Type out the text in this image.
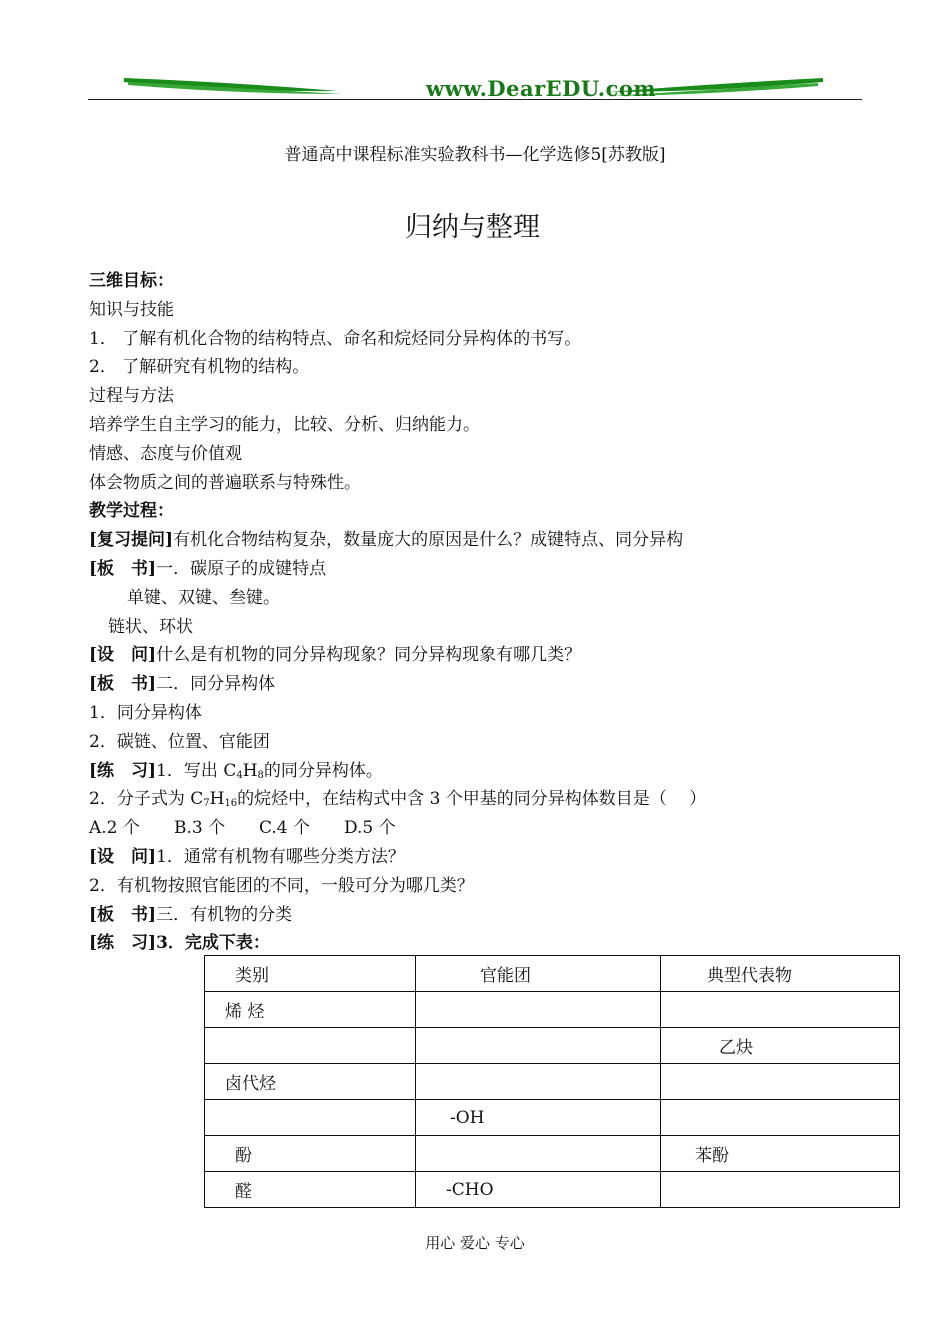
www.DearEDU.com
普通高中课程标准实验教科书—化学选修5[苏教版]
归纳与整理
三维目标：
知识与技能
1． 了解有机化合物的结构特点、命名和烷烃同分异构体的书写。
2． 了解研究有机物的结构。
过程与方法
培养学生自主学习的能力，比较、分析、归纳能力。
情感、态度与价值观
体会物质之间的普遍联系与特殊性。
教学过程：
[复习提问]有机化合物结构复杂，数量庞大的原因是什么？成键特点、同分异构
[板　书]一．碳原子的成键特点
单键、双键、叁键。
链状、环状
[设　问]什么是有机物的同分异构现象？同分异构现象有哪几类？
[板　书]二．同分异构体
1．同分异构体
2．碳链、位置、官能团
[练　习]1．写出 $C_4H_8$的同分异构体。
2．分子式为 $C_7H_{16}$的烷烃中，在结构式中含 3 个甲基的同分异构体数目是（　 ）
A.2 个 B.3 个 C.4 个 D.5 个
[设　问]1．通常有机物有哪些分类方法？
2．有机物按照官能团的不同，一般可分为哪几类？
[板　书]三．有机物的分类
[练　习]3．完成下表：
类别	官能团	典型代表物
烯 烃		
		乙炔
卤代烃		
	-OH	
酚		苯酚
醛	-CHO	
用心 爱心 专心
